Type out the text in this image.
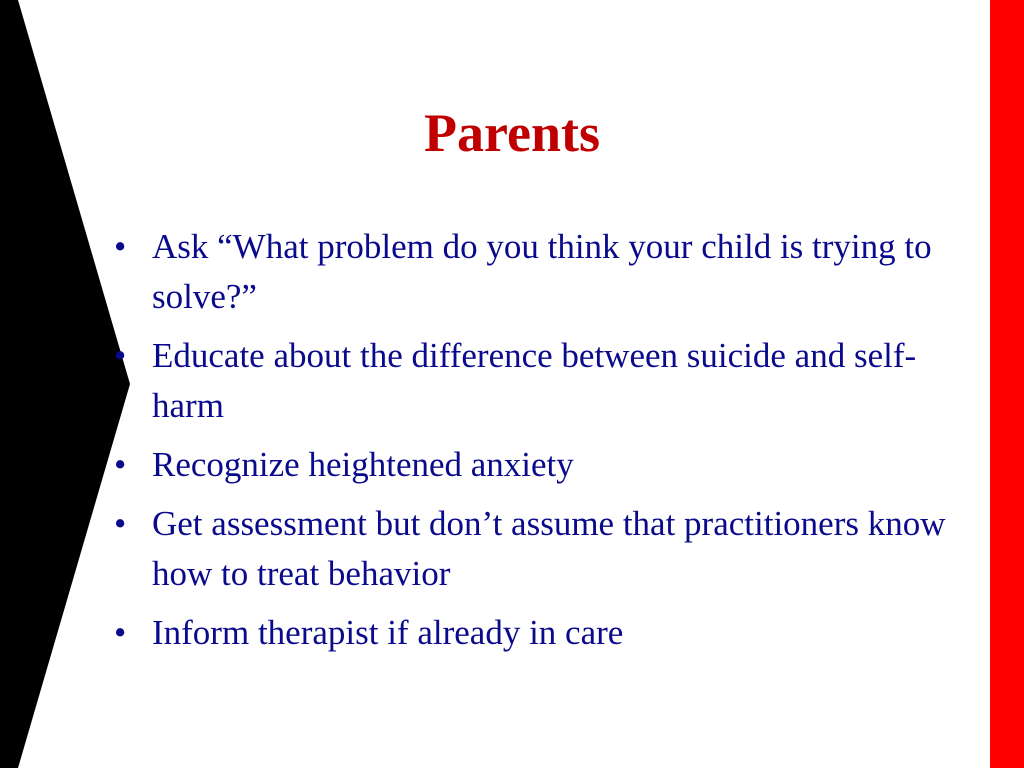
Parents
• Ask “What problem do you think your child is trying to solve?”
• Educate about the difference between suicide and self-harm
• Recognize heightened anxiety
• Get assessment but don’t assume that practitioners know how to treat behavior
• Inform therapist if already in care
